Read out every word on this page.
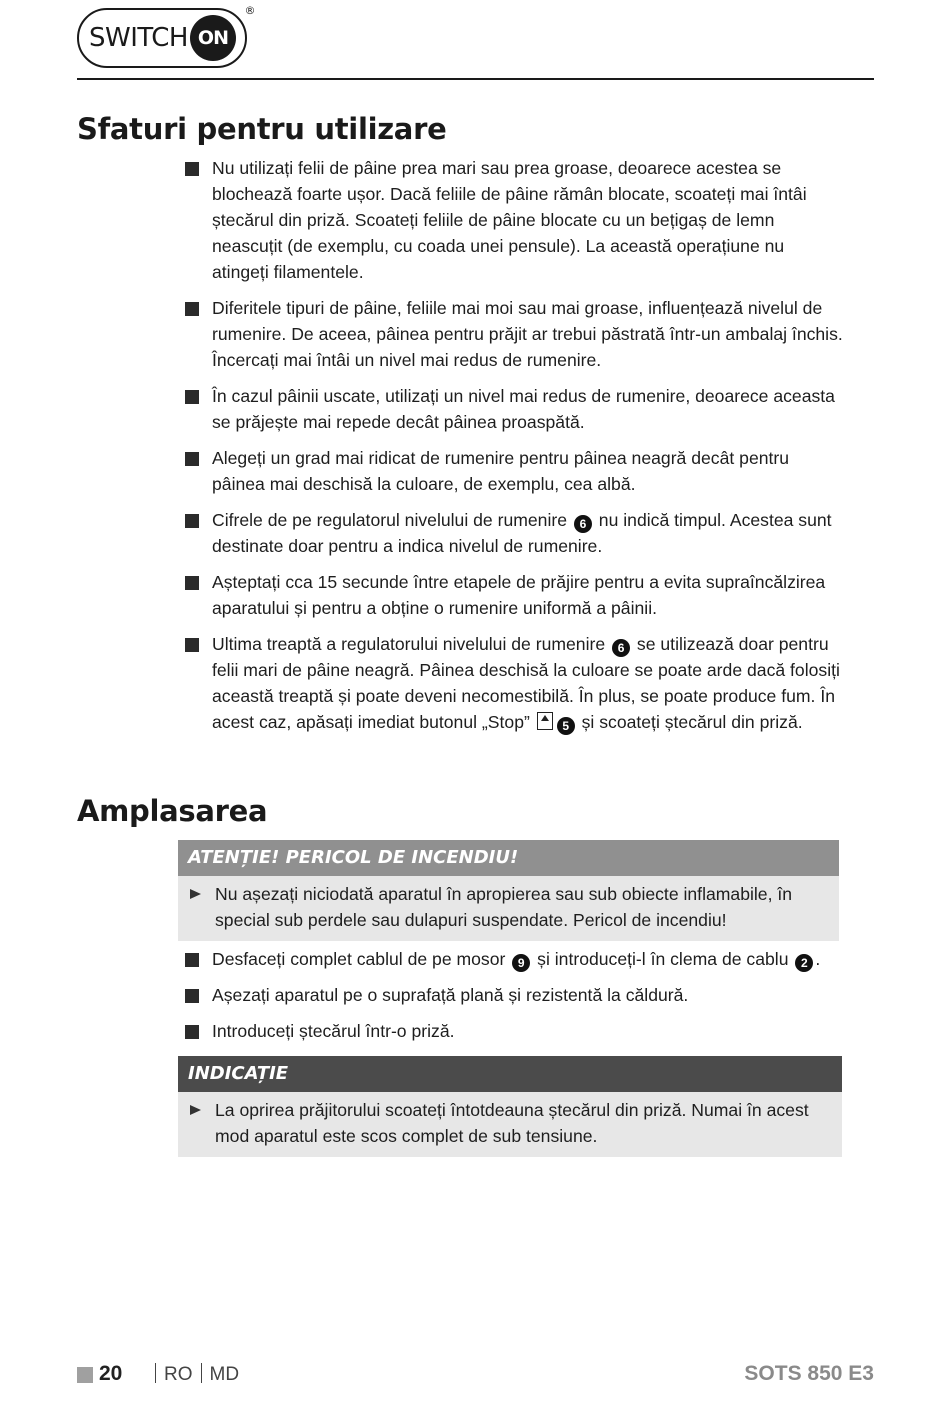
SWITCH ON
®
Sfaturi pentru utilizare
Nu utilizați felii de pâine prea mari sau prea groase, deoarece acestea se blochează foarte ușor. Dacă feliile de pâine rămân blocate, scoateți mai întâi ștecărul din priză. Scoateți feliile de pâine blocate cu un bețigaș de lemn neascuțit (de exemplu, cu coada unei pensule). La această operațiune nu atingeți filamentele.
Diferitele tipuri de pâine, feliile mai moi sau mai groase, influențează nivelul de rumenire. De aceea, pâinea pentru prăjit ar trebui păstrată într-un ambalaj închis. Încercați mai întâi un nivel mai redus de rumenire.
În cazul pâinii uscate, utilizați un nivel mai redus de rumenire, deoarece aceasta se prăjește mai repede decât pâinea proaspătă.
Alegeți un grad mai ridicat de rumenire pentru pâinea neagră decât pentru pâinea mai deschisă la culoare, de exemplu, cea albă.
Cifrele de pe regulatorul nivelului de rumenire 6 nu indică timpul. Acestea sunt destinate doar pentru a indica nivelul de rumenire.
Așteptați cca 15 secunde între etapele de prăjire pentru a evita supraîncălzirea aparatului și pentru a obține o rumenire uniformă a pâinii.
Ultima treaptă a regulatorului nivelului de rumenire 6 se utilizează doar pentru felii mari de pâine neagră. Pâinea deschisă la culoare se poate arde dacă folosiți această treaptă și poate deveni necomestibilă. În plus, se poate produce fum. În acest caz, apăsați imediat butonul „Stop”	5 și scoateți ștecărul din priză.
Amplasarea
ATENȚIE! PERICOL DE INCENDIU!
Nu așezați niciodată aparatul în apropierea sau sub obiecte inflamabile, în special sub perdele sau dulapuri suspendate. Pericol de incendiu!
Desfaceți complet cablul de pe mosor 9 și introduceți-l în clema de cablu 2 .
Așezați aparatul pe o suprafață plană și rezistentă la căldură.
Introduceți ștecărul într-o priză.
INDICAȚIE
La oprirea prăjitorului scoateți întotdeauna ștecărul din priză. Numai în acest mod aparatul este scos complet de sub tensiune.
20	RO MD	SOTS 850 E3
